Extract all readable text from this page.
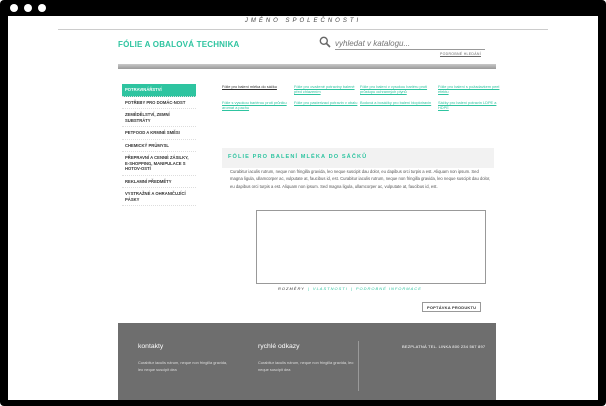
JMÉNO SPOLEČNOSTI
FÓLIE A OBALOVÁ TECHNIKA
vyhledat v katalogu...
PODROBNÉ HLEDÁNÍ
POTRAVINÁŘSTVÍ
POTŘEBY PRO DOMÁC-NOST
ZEMĚDĚLSTVÍ, ZEMNÍ SUBSTRÁTY
PETFOOD A KRMNÉ SMĚSI
CHEMICKÝ PRŮMYSL
PŘEPRAVNÍ A CENNÉ ZÁSILKY, E-SHOPPING, MANIPULACE S HOTOV-OSTÍ
REKLAMNÍ PŘEDMĚTY
VYSTRAŽNÉ A OHRANIČUJÍCÍ PÁSKY
Fólie pro balení mléka do sáčku	Fólie pro ovažené potraviny balené před chlazením
Fólie pro balení v vysokou bariéru proti průstupu ochranných plynů
Fólie pro balení s požadavkem peel efektu
Fólie s vysokou bariérou proti průniku aromat a pachu
Fólie pro pasterizaci potravin v obalu Bodová a bosáčky pro balení bioplotravin	Sáčky pro balení potravin LDPE a HDPE
FÓLIE PRO BALENÍ MLÉKA DO SÁČKŮ

Curabitur iaculis rutrum, neque non fringilla gravida, leo neque suscipit dau dolor, eu dapibus orci turpis a est. Aliquam non ipsum. Sed magna ligula, ullamcorper ac, vulputate at, faucibus id, est. Curabitur iaculis rutrum, neque non fringilla gravida, leo neque suscipit dau dolor, eu dapibus orci turpis a est. Aliquam non ipsum. Sed magna ligula, ullamcorper ac, vulputate at, faucibus id, est.

ROZMĚRY | VLASTNOSTI | PODROBNÉ INFORMACE
POPTÁVKA PRODUKTU
kontakty
Curabitur iaculis rutrum, neque non fringilla gravida, leo neque suscipit dea
rychlé odkazy
Curabitur iaculis rutrum, neque non fringilla gravida, leo neque suscipit dea
BEZPLATNÁ TEL. LINKA 800 234 567 897
